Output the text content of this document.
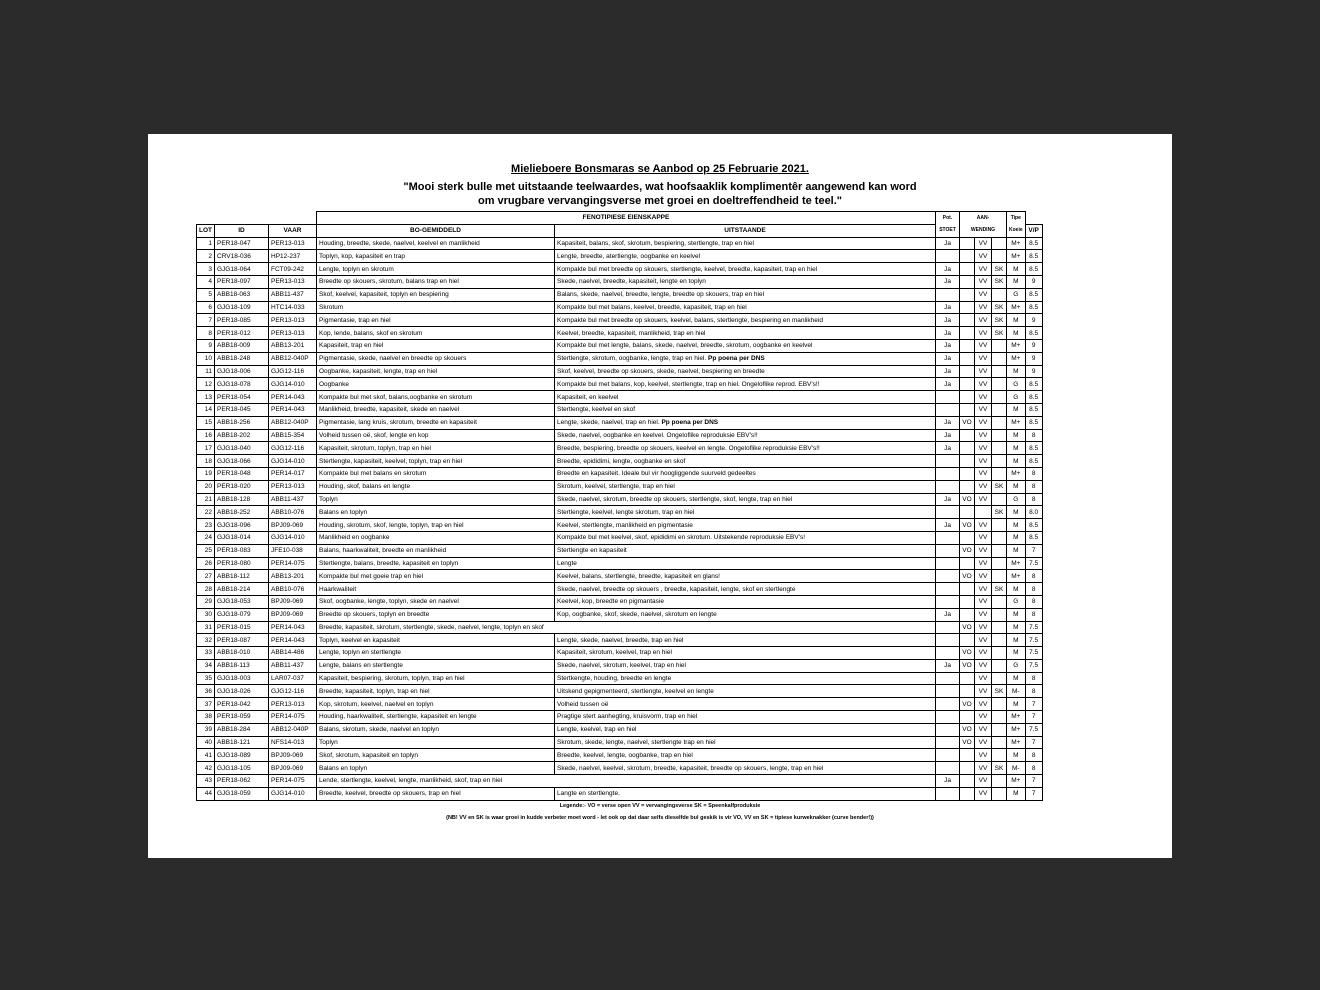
Mielieboere Bonsmaras se Aanbod op 25 Februarie 2021.
"Mooi sterk bulle met uitstaande teelwaardes, wat hoofsaaklik komplimentêr aangewend kan word
om vrugbare vervangingsverse met groei en doeltreffendheid te teel."
			FENOTIPIESE EIENSKAPPE		Pot.	AAN-			Tipe	
LOT	ID	VAAR	BO-GEMIDDELD	UITSTAANDE	STOET	WENDING			Koeie	V/P
1	PER18-047	PER13-013	Houding, breedte, skede, naelvel, keelvel en manlikheid	Kapasiteit, balans, skof, skrotum, bespiering, stertlengte, trap en hiel	Ja		VV		M+	8.5
2	CRV18-036	HP12-237	Toplyn, kop, kapasiteit en trap	Lengte, breedte, atertlengte, oogbanke en keelvel			VV		M+	8.5
3	GJG18-064	FCT09-242	Lengte, toplyn en skrotum	Kompakte bul met breedte op skouers, stertlengte, keelvel, breedte, kapasiteit, trap en hiel	Ja		VV	SK	M	8.5
4	PER18-097	PER13-013	Breedte op skouers, skrotum, balans trap en hiel	Skede, naelvel, breedte, kapasiteit, lengte en toplyn	Ja		VV	SK	M	9
5	ABB18-063	ABB11-437	Skof, keelvel, kapasiteit, toplyn en bespiering	Balans, skede, naelvel, breedte, lengte, breedte op skouers, trap en hiel			VV		G	8.5
6	GJG18-109	HTC14-033	Skrotum	Kompakte bul met balans, keelvel, breedte, kapasiteit, trap en hiel	Ja		VV	SK	M+	8.5
7	PER18-085	PER13-013	Pigmentasie, trap en hiel	Kompakte bul met breedte op skouers, keelvel, balans, stertlengte, bespiering en manlikheid	Ja		VV	SK	M	9
8	PER18-012	PER13-013	Kop, lende, balans, skof en skrotum	Keelvel, breedte, kapasiteit, manlikheid, trap en hiel	Ja		VV	SK	M	8.5
9	ABB18-009	ABB13-201	Kapasiteit, trap en hiel	Kompakte bul met lengte, balans, skede, naelvel, breedte, skrotum, oogbanke en keelvel	Ja		VV		M+	9
10	ABB18-248	ABB12-040P	Pigmentasie, skede, naelvel en breedte op skouers	Stertlengte, skrotum, oogbanke, lengte, trap en hiel. Pp poena per DNS	Ja		VV		M+	9
11	GJG18-006	GJG12-116	Oogbanke, kapasiteit, lengte, trap en hiel	Skof, keelvel, breedte op skouers, skede, naelvel, bespiering en breedte	Ja		VV		M	9
12	GJG18-078	GJG14-010	Oogbanke	Kompakte bul met balans, kop, keelvel, stertlengte, trap en hiel. Ongeloflike reprod. EBV's!!	Ja		VV		G	8.5
13	PER18-054	PER14-043	Kompakte bul met skof, balans,oogbanke en skrotum	Kapasiteit, en keelvel			VV		G	8.5
14	PER18-045	PER14-043	Manlikheid, breedte, kapasiteit, skede en naelvel	Stertlengte, keelvel en skof			VV		M	8.5
15	ABB18-256	ABB12-040P	Pigmentasie, lang kruis, skrotum, breedte en kapasiteit	Lengte, skede, naelvel, trap en hiel. Pp poena per DNS	Ja	VO	VV		M+	8.5
16	ABB18-202	ABB15-354	Volheid tussen oë, skof, lengte en kop	Skede, naelvel, oogbanke en keelvel. Ongeloflike reproduksie EBV's!!	Ja		VV		M	8
17	GJG18-040	GJG12-116	Kapasiteit, skrotum, toplyn, trap en hiel	Breedte, bespiering, breedte op skouers, keelvel en lengte. Ongeloflike reproduksie EBV's!!	Ja		VV		M	8.5
18	GJG18-066	GJG14-010	Stertlengte, kapasiteit, keelvel, toplyn, trap en hiel	Breedte, epididimi, lengte, oogbanke en skof			VV		M	8.5
19	PER18-048	PER14-017	Kompakte bul met balans en skrotum	Breedte en kapasiteit. Ideale bul vir hoogliggende suurveld gedeeltes			VV		M+	8
20	PER18-020	PER13-013	Houding, skof, balans en lengte	Skrotum, keelvel, stertlengte, trap en hiel			VV	SK	M	8
21	ABB18-128	ABB11-437	Toplyn	Skede, naelvel, skrotum, breedte op skouers, stertlengte, skof, lengte, trap en hiel	Ja	VO	VV		G	8
22	ABB18-252	ABB10-076	Balans en toplyn	Stertlengte, keelvel, lengte skrotum, trap en hiel				SK	M	8.0
23	GJG18-096	BPJ09-069	Houding, skrotum, skof, lengte, toplyn, trap en hiel	Keelvel, stertlengte, manlikheid en pigmentasie	Ja	VO	VV		M	8.5
24	GJG18-014	GJG14-010	Manlikheid en oogbanke	Kompakte bul met keelvel, skof, epididimi en skrotum. Uitstekende reproduksie EBV's!			VV		M	8.5
25	PER18-083	JFE10-038	Balans, haarkwaliteit, breedte en manlikheid	Stertlengte en kapasiteit		VO	VV		M	7
26	PER18-080	PER14-075	Stertlengte, balans, breedte, kapasiteit en toplyn	Lengte			VV		M+	7.5
27	ABB18-112	ABB13-201	Kompakte bul met goeie trap en hiel	Keelvel, balans, stertlengte, breedte, kapasiteit en glans!		VO	VV		M+	8
28	ABB18-214	ABB10-076	Haarkwaliteit	Skede, naelvel, breedte op skouers , breedte, kapasiteit, lengte, skof en stertlengte			VV	SK	M	8
29	GJG18-053	BPJ09-069	Skof, oogbanke, lengte, toplyn, skede en naelvel	Keelvel, kop, breedte en pigmantasie			VV		G	8
30	GJG18-079	BPJ09-069	Breedte op skouers, toplyn en breedte	Kop, oogbanke, skof, skede, naelvel, skrotum en lengte	Ja		VV		M	8
31	PER18-015	PER14-043	Breedte, kapasiteit, skrotum, stertlengte, skede, naelvel, lengte, toplyn en skof			VO	VV		M	7.5
32	PER18-087	PER14-043	Toplyn, keelvel en kapasiteit	Lengte, skede, naelvel, breedte, trap en hiel			VV		M	7.5
33	ABB18-010	ABB14-486	Lengte, toplyn en stertlengte	Kapasiteit, skrotum, keelvel, trap en hiel		VO	VV		M	7.5
34	ABB18-113	ABB11-437	Lengte, balans en stertlengte	Skede, naelvel, skrotum, keelvel, trap en hiel	Ja	VO	VV		G	7.5
35	GJG18-003	LAR07-037	Kapasiteit, bespiering, skrotum, toplyn, trap en hiel	Stertkengte, houding, breedte en lengte			VV		M	8
36	GJG18-026	GJG12-116	Breedte, kapasiteit, toplyn, trap en hiel	Uitskend gepigmenteerd, stertlengte, keelvel en lengte			VV	SK	M-	8
37	PER18-042	PER13-013	Kop, skrotum, keelvel, naelvel en toplyn	Volheid tussen oë		VO	VV		M	7
38	PER18-059	PER14-075	Houding, haarkwaliteit, stertlengte, kapasiteit en lengte	Pragtige stert aanhegting, kruisvorm, trap en hiel			VV		M+	7
39	ABB18-284	ABB12-040P	Balans, skrotum, skede, naelvel en toplyn	Lengte, keelvel, trap en hiel		VO	VV		M+	7.5
40	ABB18-121	NFS14-013	Toplyn	Skrotum, skede, lengte, naelvel, stertlengte trap en hiel		VO	VV		M+	7
41	GJG18-089	BPJ09-069	Skof, skrotum, kapasiteit en toplyn	Breedte, keelvel, lengte, oogbanke, trap en hiel			VV		M	8
42	GJG18-105	BPJ09-069	Balans en toplyn	Skede, naelvel, keelvel, skrotum, breedte, kapasiteit, breedte op skouers, lengte, trap en hiel			VV	SK	M-	8
43	PER18-062	PER14-075	Lende, stertlengte, keelvel, lengte, manlikheid, skof, trap en hiel		Ja		VV		M+	7
44	GJG18-059	GJG14-010	Breedte, keelvel, breedte op skouers, trap en hiel	Langte en stertlengte.			VV		M	7
Legende:- VO = verse open VV = vervangingsverse SK = Speenkalfproduksie
(NB! VV en SK is waar groei in kudde verbeter moet word - let ook op dat daar selfs dieselfde bul geskik is vir VO, VV en SK = tipiese kurweknakker (curve bender!))
